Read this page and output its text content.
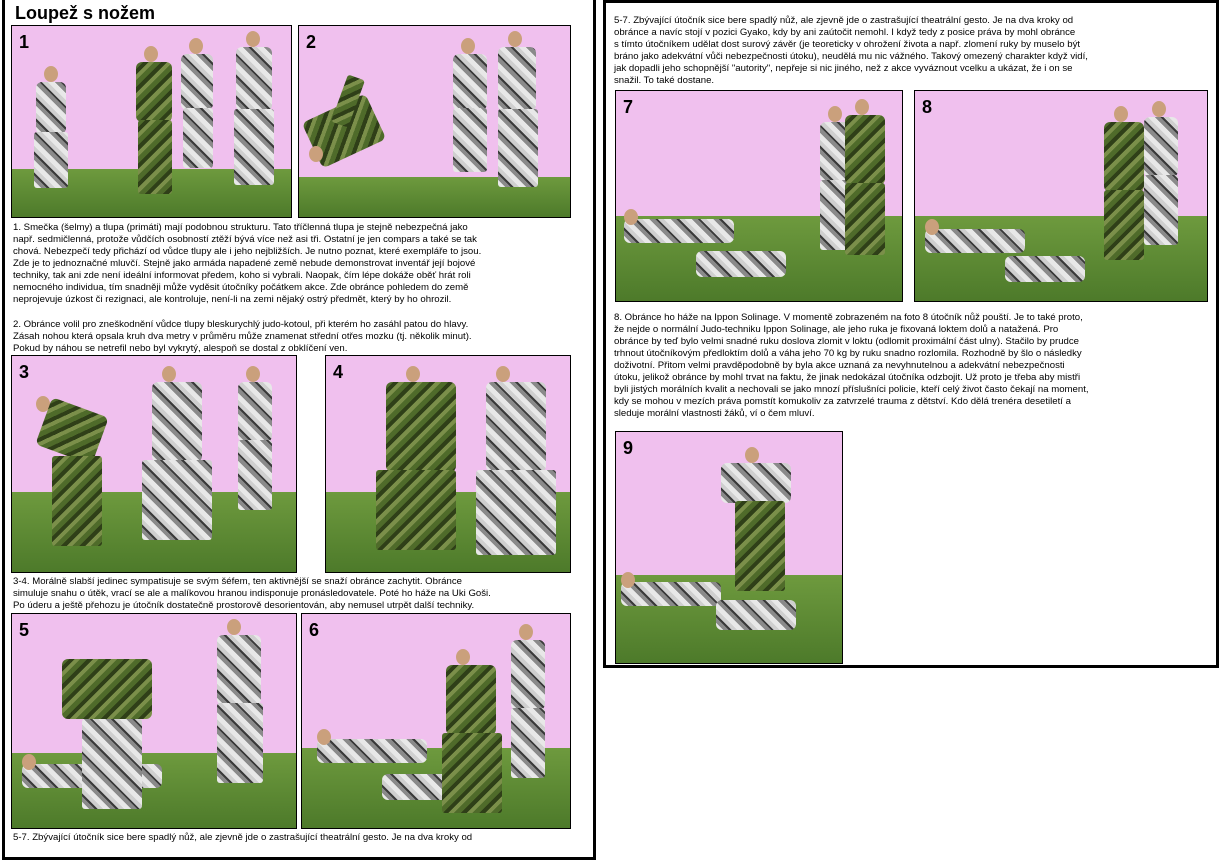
Loupež s nožem
1	2
1. Smečka (šelmy) a tlupa (primáti) mají podobnou strukturu. Tato tříčlenná tlupa je stejně nebezpečná jako
např. sedmičlenná, protože vůdčích osobností ztěží bývá více než asi tři. Ostatní je jen compars a také se tak
chová. Nebezpečí tedy přichází od vůdce tlupy ale i jeho nejbližších. Je nutno poznat, které exempláře to jsou.
Zde je to jednoznačné mluvčí. Stejně jako armáda napadené země nebude demonstrovat inventář její bojové
techniky, tak ani zde není ideální informovat předem, koho si vybrali. Naopak, čím lépe dokáže oběť hrát roli
nemocného individua, tím snadněji může vyděsit útočníky počátkem akce. Zde obránce pohledem do země
neprojevuje úzkost či rezignaci, ale kontroluje, není-li na zemi nějaký ostrý předmět, který by ho ohrozil.
2. Obránce volil pro zneškodnění vůdce tlupy bleskurychlý judo-kotoul, při kterém ho zasáhl patou do hlavy.
Zásah nohou která opsala kruh dva metry v průměru může znamenat střední otřes mozku (tj. několik minut).
Pokud by náhou se netrefil nebo byl vykrytý, alespoň se dostal z obklíčení ven.
3	4
3-4. Morálně slabší jedinec sympatisuje se svým šéfem, ten aktivnější se snaží obránce zachytit. Obránce
simuluje snahu o útěk, vrací se ale a malíkovou hranou indisponuje pronásledovatele. Poté ho háže na Uki Goši.
Po úderu a ještě přehozu je útočník dostatečně prostorově desorientován, aby nemusel utrpět další techniky.
5	6
5-7. Zbývající útočník sice bere spadlý nůž, ale zjevně jde o zastrašující theatrální gesto. Je na dva kroky od
5-7. Zbývající útočník sice bere spadlý nůž, ale zjevně jde o zastrašující theatrální gesto. Je na dva kroky od
obránce a navíc stojí v pozici Gyako, kdy by ani zaútočit nemohl. I když tedy z posice práva by mohl obránce
s tímto útočníkem udělat dost surový závěr (je teoreticky v ohrožení života a např. zlomení ruky by muselo být
bráno jako adekvátní vůči nebezpečnosti útoku), neudělá mu nic vážného. Takový omezený charakter když vidí,
jak dopadli jeho schopnější "autority", nepřeje si nic jiného, než z akce vyváznout vcelku a ukázat, že i on se
snažil. To také dostane.
7	8
8. Obránce ho háže na Ippon Solinage. V momentě zobrazeném na foto 8 útočník nůž pouští. Je to také proto,
že nejde o normální Judo-techniku Ippon Solinage, ale jeho ruka je fixovaná loktem dolů a natažená. Pro
obránce by teď bylo velmi snadné ruku doslova zlomit v loktu (odlomit proximální část ulny). Stačilo by prudce
trhnout útočníkovým předloktím dolů a váha jeho 70 kg by ruku snadno rozlomila. Rozhodně by šlo o následky
doživotní. Přitom velmi pravděpodobně by byla akce uznaná za nevyhnutelnou a adekvátní nebezpečnosti
útoku, jelikož obránce by mohl trvat na faktu, že jinak nedokázal útočníka odzbojit. Už proto je třeba aby mistři
byli jistých morálních kvalit a nechovali se jako mnozí příslušníci policie, kteří celý život často čekají na moment,
kdy se mohou v mezích práva pomstít komukoliv za zatvrzelé trauma z dětství. Kdo dělá trenéra desetiletí a
sleduje morální vlastnosti žáků, ví o čem mluví.
9
